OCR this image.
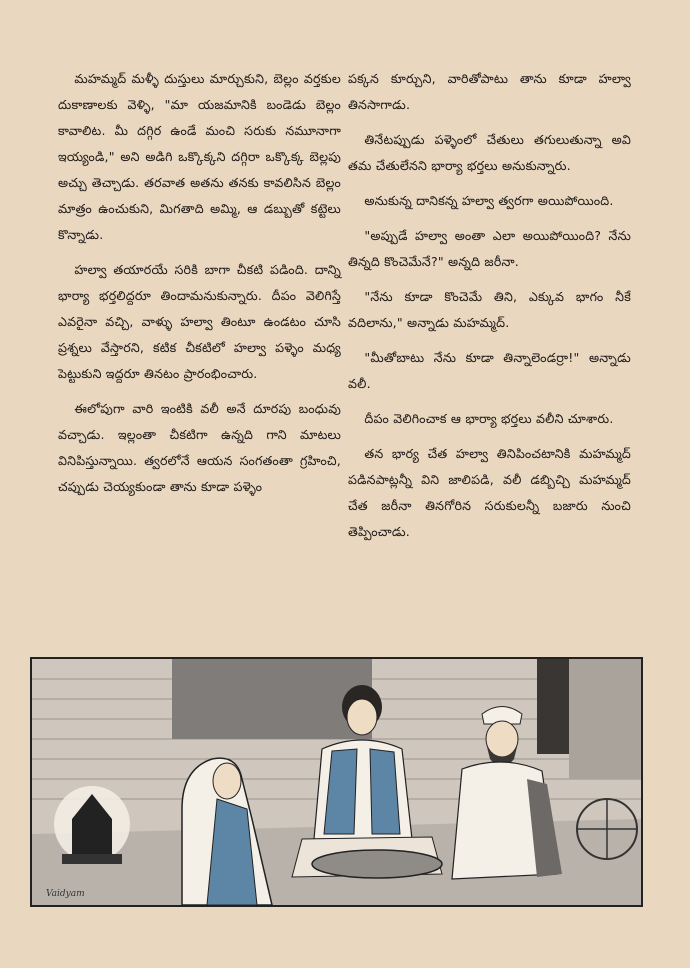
మహమ్మద్ మళ్ళీ దుస్తులు మార్చుకుని, బెల్లం వర్తకుల దుకాణాలకు వెళ్ళి, "మా యజమానికి బండెడు బెల్లం కావాలిట. మీ దగ్గిర ఉండే మంచి సరుకు నమూనాగా ఇయ్యండి," అని అడిగి ఒక్కొక్కని దగ్గిరా ఒక్కొక్క బెల్లపు అచ్చు తెచ్చాడు. తరవాత అతను తనకు కావలిసిన బెల్లం మాత్రం ఉంచుకుని, మిగతాది అమ్మి, ఆ డబ్బుతో కట్టెలు కొన్నాడు.

హల్వా తయారయే సరికి బాగా చీకటి పడింది. దాన్ని భార్యా భర్తలిద్దరూ తిందామనుకున్నారు. దీపం వెలిగిస్తే ఎవరైనా వచ్చి, వాళ్ళు హల్వా తింటూ ఉండటం చూసి ప్రశ్నలు వేస్తారని, కటిక చీకటిలో హల్వా పళ్ళెం మధ్య పెట్టుకుని ఇద్దరూ తినటం ప్రారంభించారు.

ఈలోపుగా వారి ఇంటికి వలీ అనే దూరపు బంధువు వచ్చాడు. ఇల్లంతా చీకటిగా ఉన్నది గాని మాటలు వినిపిస్తున్నాయి. త్వరలోనే ఆయన సంగతంతా గ్రహించి, చప్పుడు చెయ్యకుండా తాను కూడా పళ్ళెం

పక్కన కూర్చుని, వారితోపాటు తాను కూడా హల్వా తినసాగాడు.

తినేటప్పుడు పళ్ళెంలో చేతులు తగులుతున్నా అవి తమ చేతులేనని భార్యా భర్తలు అనుకున్నారు.

అనుకున్న దానికన్న హల్వా త్వరగా అయిపోయింది.

"అప్పుడే హల్వా అంతా ఎలా అయిపోయింది? నేను తిన్నది కొంచెమేనే?" అన్నది జరీనా.

"నేను కూడా కొంచెమే తిని, ఎక్కువ భాగం నీకే వదిలాను," అన్నాడు మహమ్మద్.

"మీతోబాటు నేను కూడా తిన్నాలెండర్రా!" అన్నాడు వలీ.

దీపం వెలిగించాక ఆ భార్యా భర్తలు వలీని చూశారు.

తన భార్య చేత హల్వా తినిపించటానికి మహమ్మద్ పడినపాట్లన్నీ విని జాలిపడి, వలీ డబ్బిచ్చి మహమ్మద్ చేత జరీనా తినగోరిన సరుకులన్నీ బజారు నుంచి తెప్పించాడు.

Vaidyam
